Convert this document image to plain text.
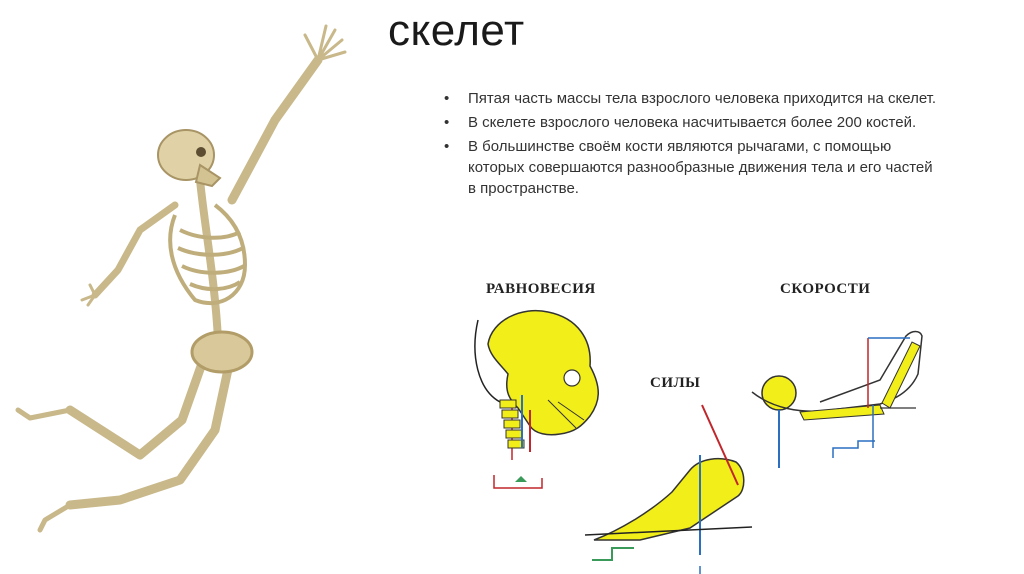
скелет
• Пятая часть массы тела взрослого человека приходится на скелет.
• В скелете взрослого человека насчитывается более 200 костей.
• В большинстве своём кости являются рычагами, с помощью которых совершаются разнообразные движения тела и его частей в пространстве.
РАВНОВЕСИЯ
СИЛЫ
СКОРОСТИ
